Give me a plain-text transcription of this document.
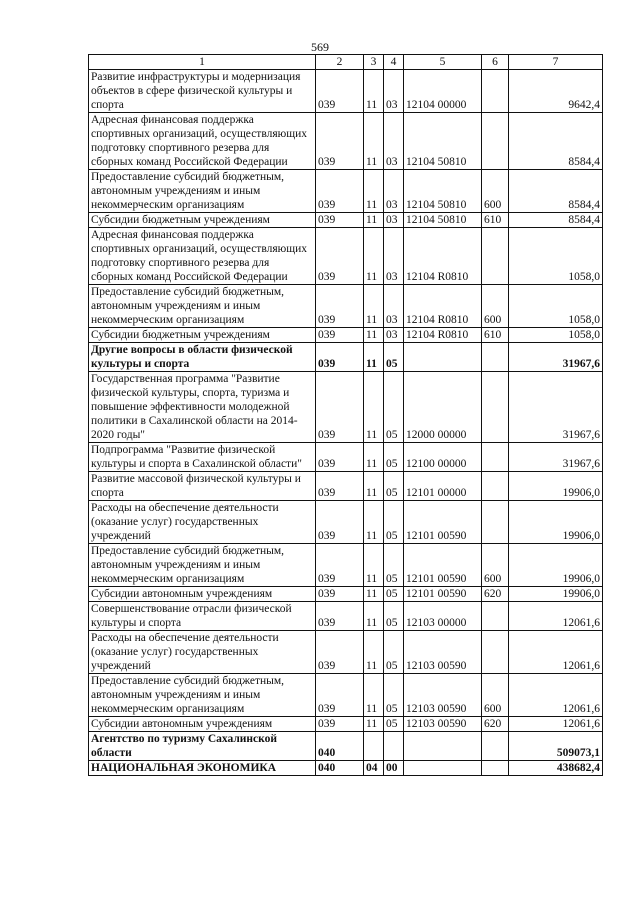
569
1	2	3	4	5	6	7
Развитие инфраструктуры и модернизация объектов в сфере физической культуры и спорта	039	11	03	12104 00000		9642,4
Адресная финансовая поддержка спортивных организаций, осуществляющих подготовку спортивного резерва для сборных команд Российской Федерации	039	11	03	12104 50810		8584,4
Предоставление субсидий бюджетным, автономным учреждениям и иным некоммерческим организациям	039	11	03	12104 50810	600	8584,4
Субсидии бюджетным учреждениям	039	11	03	12104 50810	610	8584,4
Адресная финансовая поддержка спортивных организаций, осуществляющих подготовку спортивного резерва для сборных команд Российской Федерации	039	11	03	12104 R0810		1058,0
Предоставление субсидий бюджетным, автономным учреждениям и иным некоммерческим организациям	039	11	03	12104 R0810	600	1058,0
Субсидии бюджетным учреждениям	039	11	03	12104 R0810	610	1058,0
Другие вопросы в области физической культуры и спорта	039	11	05			31967,6
Государственная программа "Развитие физической культуры, спорта, туризма и повышение эффективности молодежной политики в Сахалинской области на 2014-2020 годы"	039	11	05	12000 00000		31967,6
Подпрограмма "Развитие физической культуры и спорта в Сахалинской области"	039	11	05	12100 00000		31967,6
Развитие массовой физической культуры и спорта	039	11	05	12101 00000		19906,0
Расходы на обеспечение деятельности (оказание услуг) государственных учреждений	039	11	05	12101 00590		19906,0
Предоставление субсидий бюджетным, автономным учреждениям и иным некоммерческим организациям	039	11	05	12101 00590	600	19906,0
Субсидии автономным учреждениям	039	11	05	12101 00590	620	19906,0
Совершенствование отрасли физической культуры и спорта	039	11	05	12103 00000		12061,6
Расходы на обеспечение деятельности (оказание услуг) государственных учреждений	039	11	05	12103 00590		12061,6
Предоставление субсидий бюджетным, автономным учреждениям и иным некоммерческим организациям	039	11	05	12103 00590	600	12061,6
Субсидии автономным учреждениям	039	11	05	12103 00590	620	12061,6
Агентство по туризму Сахалинской области	040					509073,1
НАЦИОНАЛЬНАЯ ЭКОНОМИКА	040	04	00			438682,4
